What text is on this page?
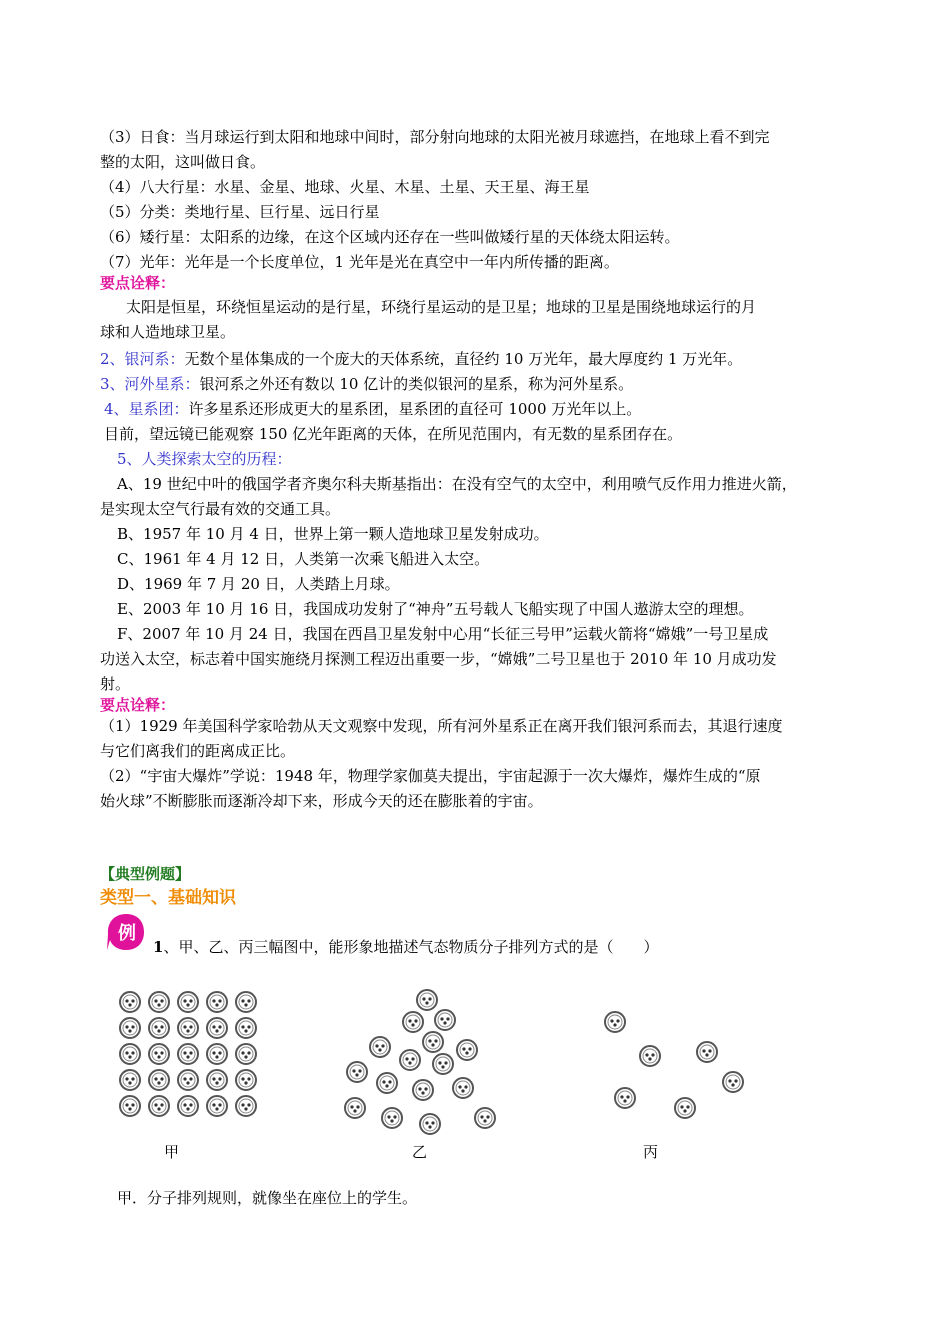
（3）日食：当月球运行到太阳和地球中间时，部分射向地球的太阳光被月球遮挡，在地球上看不到完
整的太阳，这叫做日食。
（4）八大行星：水星、金星、地球、火星、木星、土星、天王星、海王星
（5）分类：类地行星、巨行星、远日行星
（6）矮行星：太阳系的边缘，在这个区域内还存在一些叫做矮行星的天体绕太阳运转。
（7）光年：光年是一个长度单位，1 光年是光在真空中一年内所传播的距离。
要点诠释：
太阳是恒星，环绕恒星运动的是行星，环绕行星运动的是卫星；地球的卫星是围绕地球运行的月
球和人造地球卫星。
2、银河系：无数个星体集成的一个庞大的天体系统，直径约 10 万光年，最大厚度约 1 万光年。
3、河外星系：银河系之外还有数以 10 亿计的类似银河的星系，称为河外星系。
4、星系团：许多星系还形成更大的星系团，星系团的直径可 1000 万光年以上。
目前，望远镜已能观察 150 亿光年距离的天体，在所见范围内，有无数的星系团存在。
5、人类探索太空的历程：
A、19 世纪中叶的俄国学者齐奥尔科夫斯基指出：在没有空气的太空中，利用喷气反作用力推进火箭，
是实现太空气行最有效的交通工具。
B、1957 年 10 月 4 日，世界上第一颗人造地球卫星发射成功。
C、1961 年 4 月 12 日，人类第一次乘飞船进入太空。
D、1969 年 7 月 20 日，人类踏上月球。
E、2003 年 10 月 16 日，我国成功发射了“神舟”五号载人飞船实现了中国人遨游太空的理想。
F、2007 年 10 月 24 日，我国在西昌卫星发射中心用“长征三号甲”运载火箭将“嫦娥”一号卫星成
功送入太空，标志着中国实施绕月探测工程迈出重要一步，“嫦娥”二号卫星也于 2010 年 10 月成功发
射。
要点诠释：
（1）1929 年美国科学家哈勃从天文观察中发现，所有河外星系正在离开我们银河系而去，其退行速度
与它们离我们的距离成正比。
（2）“宇宙大爆炸”学说：1948 年，物理学家伽莫夫提出，宇宙起源于一次大爆炸，爆炸生成的“原
始火球”不断膨胀而逐渐冷却下来，形成今天的还在膨胀着的宇宙。
【典型例题】
类型一、基础知识
例
1、甲、乙、丙三幅图中，能形象地描述气态物质分子排列方式的是（　　）
甲	乙	丙
甲．分子排列规则，就像坐在座位上的学生。
